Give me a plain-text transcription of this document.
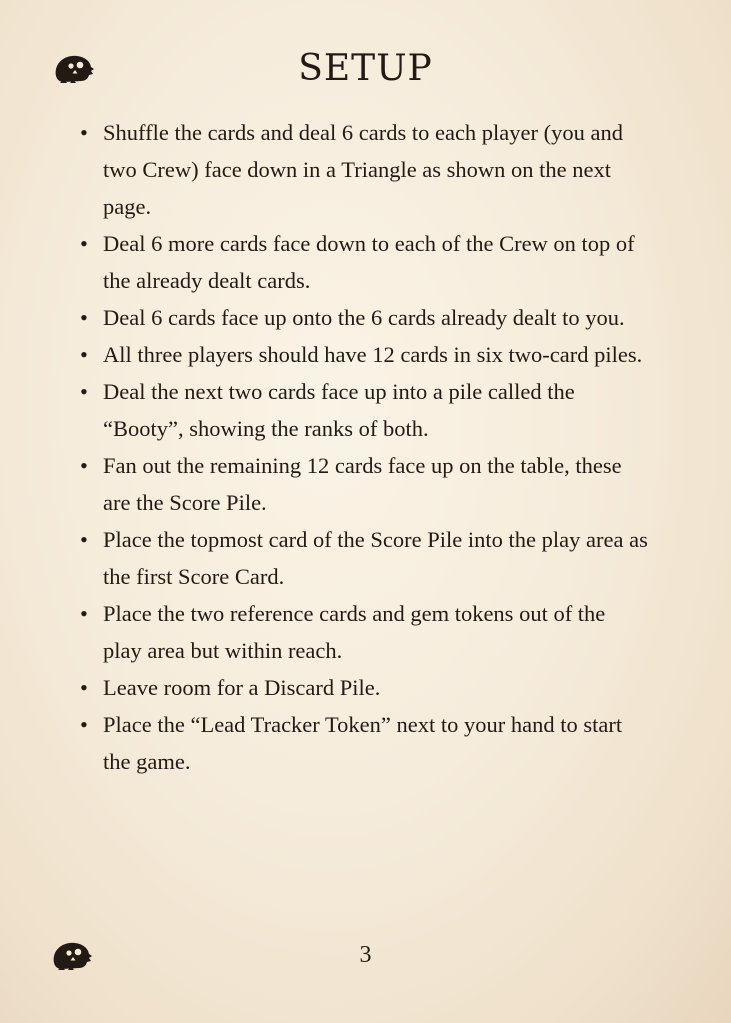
SETUP
• Shuffle the cards and deal 6 cards to each player (you and two Crew) face down in a Triangle as shown on the next page.
• Deal 6 more cards face down to each of the Crew on top of the already dealt cards.
• Deal 6 cards face up onto the 6 cards already dealt to you.
• All three players should have 12 cards in six two-card piles.
• Deal the next two cards face up into a pile called the “Booty”, showing the ranks of both.
• Fan out the remaining 12 cards face up on the table, these are the Score Pile.
• Place the topmost card of the Score Pile into the play area as the first Score Card.
• Place the two reference cards and gem tokens out of the play area but within reach.
• Leave room for a Discard Pile.
• Place the “Lead Tracker Token” next to your hand to start the game.
3
